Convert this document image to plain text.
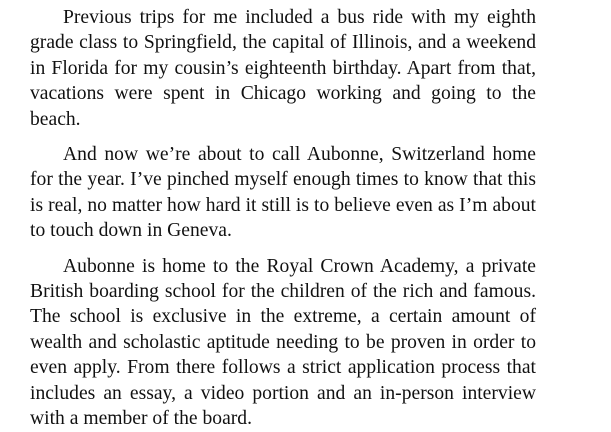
Previous trips for me included a bus ride with my eighth grade class to Springfield, the capital of Illinois, and a weekend in Florida for my cousin’s eighteenth birthday. Apart from that, vacations were spent in Chicago working and going to the beach.

And now we’re about to call Aubonne, Switzerland home for the year. I’ve pinched myself enough times to know that this is real, no matter how hard it still is to believe even as I’m about to touch down in Geneva.

Aubonne is home to the Royal Crown Academy, a private British boarding school for the children of the rich and famous. The school is exclusive in the extreme, a certain amount of wealth and scholastic aptitude needing to be proven in order to even apply. From there follows a strict application process that includes an essay, a video portion and an in-person interview with a member of the board.
